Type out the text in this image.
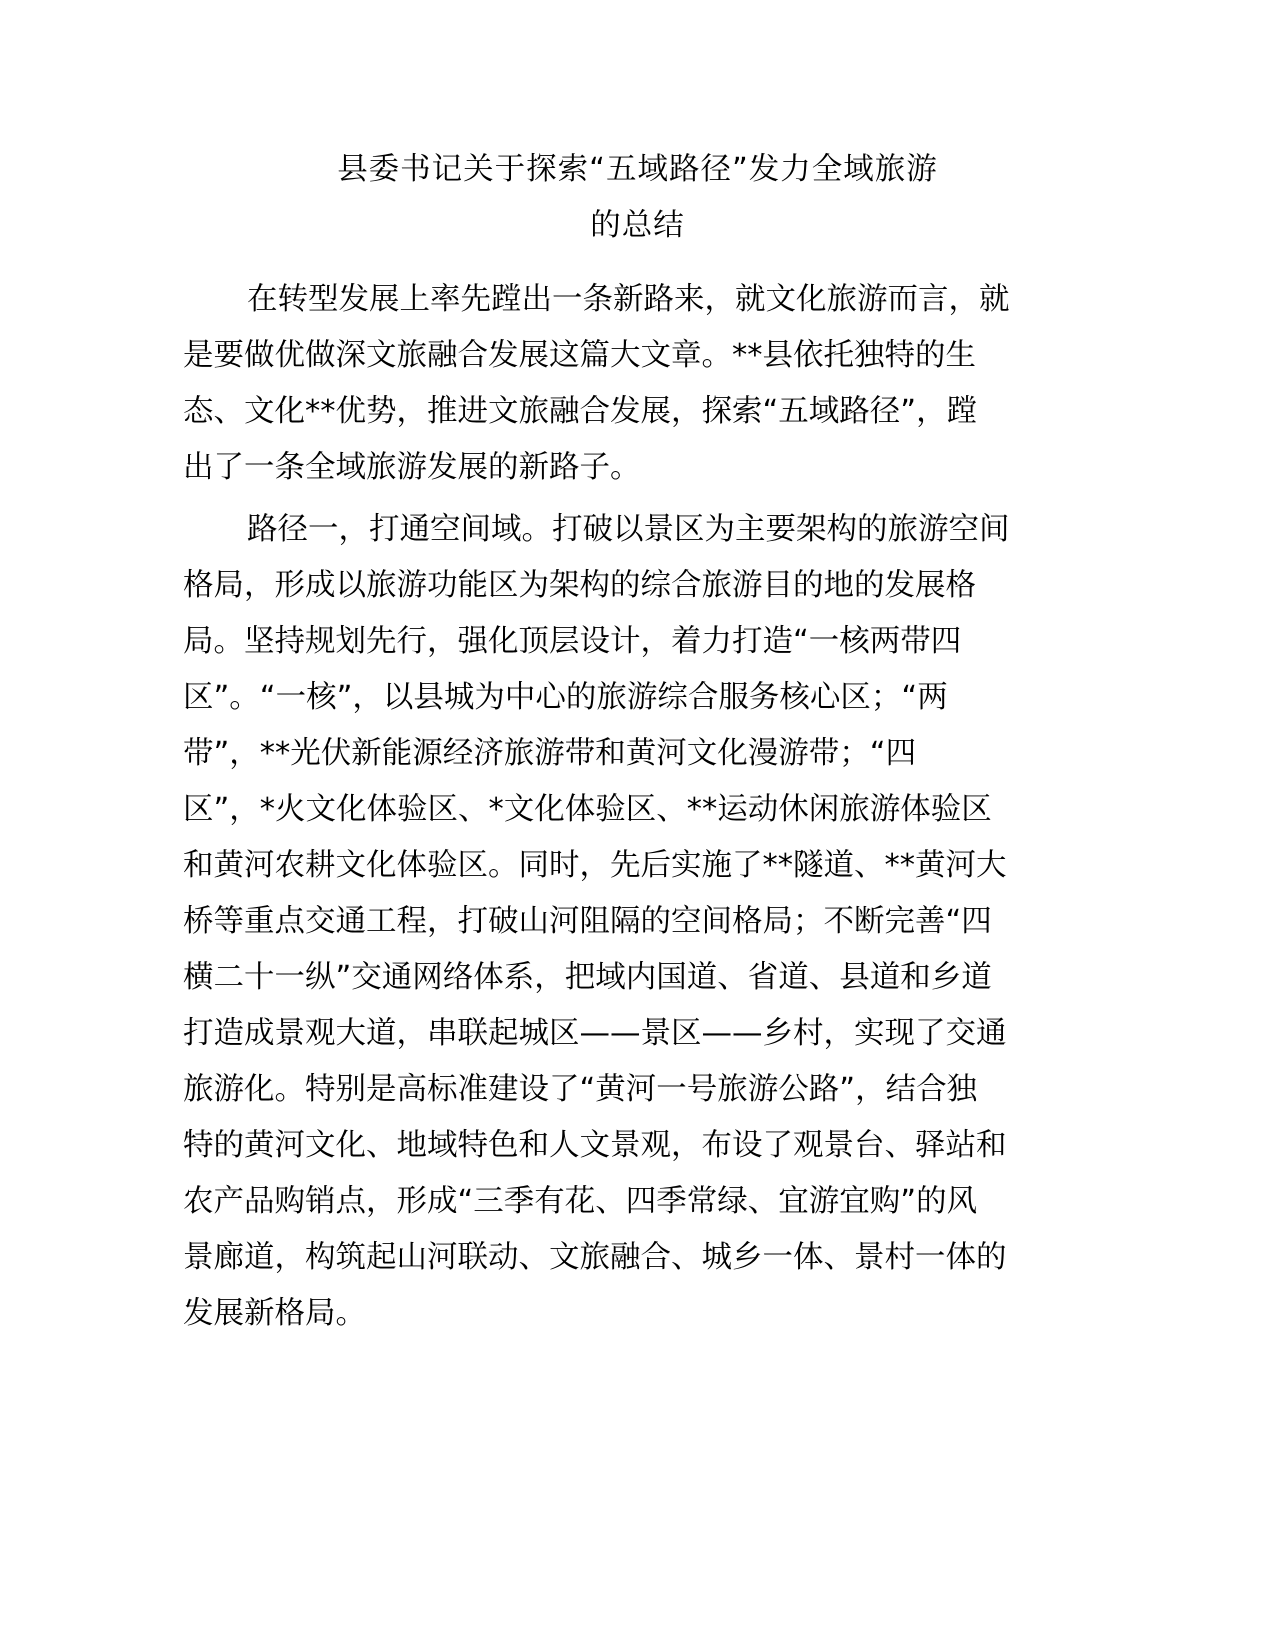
县委书记关于探索“五域路径”发力全域旅游
的总结
在转型发展上率先蹚出一条新路来，就文化旅游而言，就
是要做优做深文旅融合发展这篇大文章。**县依托独特的生
态、文化**优势，推进文旅融合发展，探索“五域路径”，蹚
出了一条全域旅游发展的新路子。
路径一，打通空间域。打破以景区为主要架构的旅游空间
格局，形成以旅游功能区为架构的综合旅游目的地的发展格
局。坚持规划先行，强化顶层设计，着力打造“一核两带四
区”。“一核”，以县城为中心的旅游综合服务核心区；“两
带”，**光伏新能源经济旅游带和黄河文化漫游带；“四
区”，*火文化体验区、*文化体验区、**运动休闲旅游体验区
和黄河农耕文化体验区。同时，先后实施了**隧道、**黄河大
桥等重点交通工程，打破山河阻隔的空间格局；不断完善“四
横二十一纵”交通网络体系，把域内国道、省道、县道和乡道
打造成景观大道，串联起城区——景区——乡村，实现了交通
旅游化。特别是高标准建设了“黄河一号旅游公路”，结合独
特的黄河文化、地域特色和人文景观，布设了观景台、驿站和
农产品购销点，形成“三季有花、四季常绿、宜游宜购”的风
景廊道，构筑起山河联动、文旅融合、城乡一体、景村一体的
发展新格局。
